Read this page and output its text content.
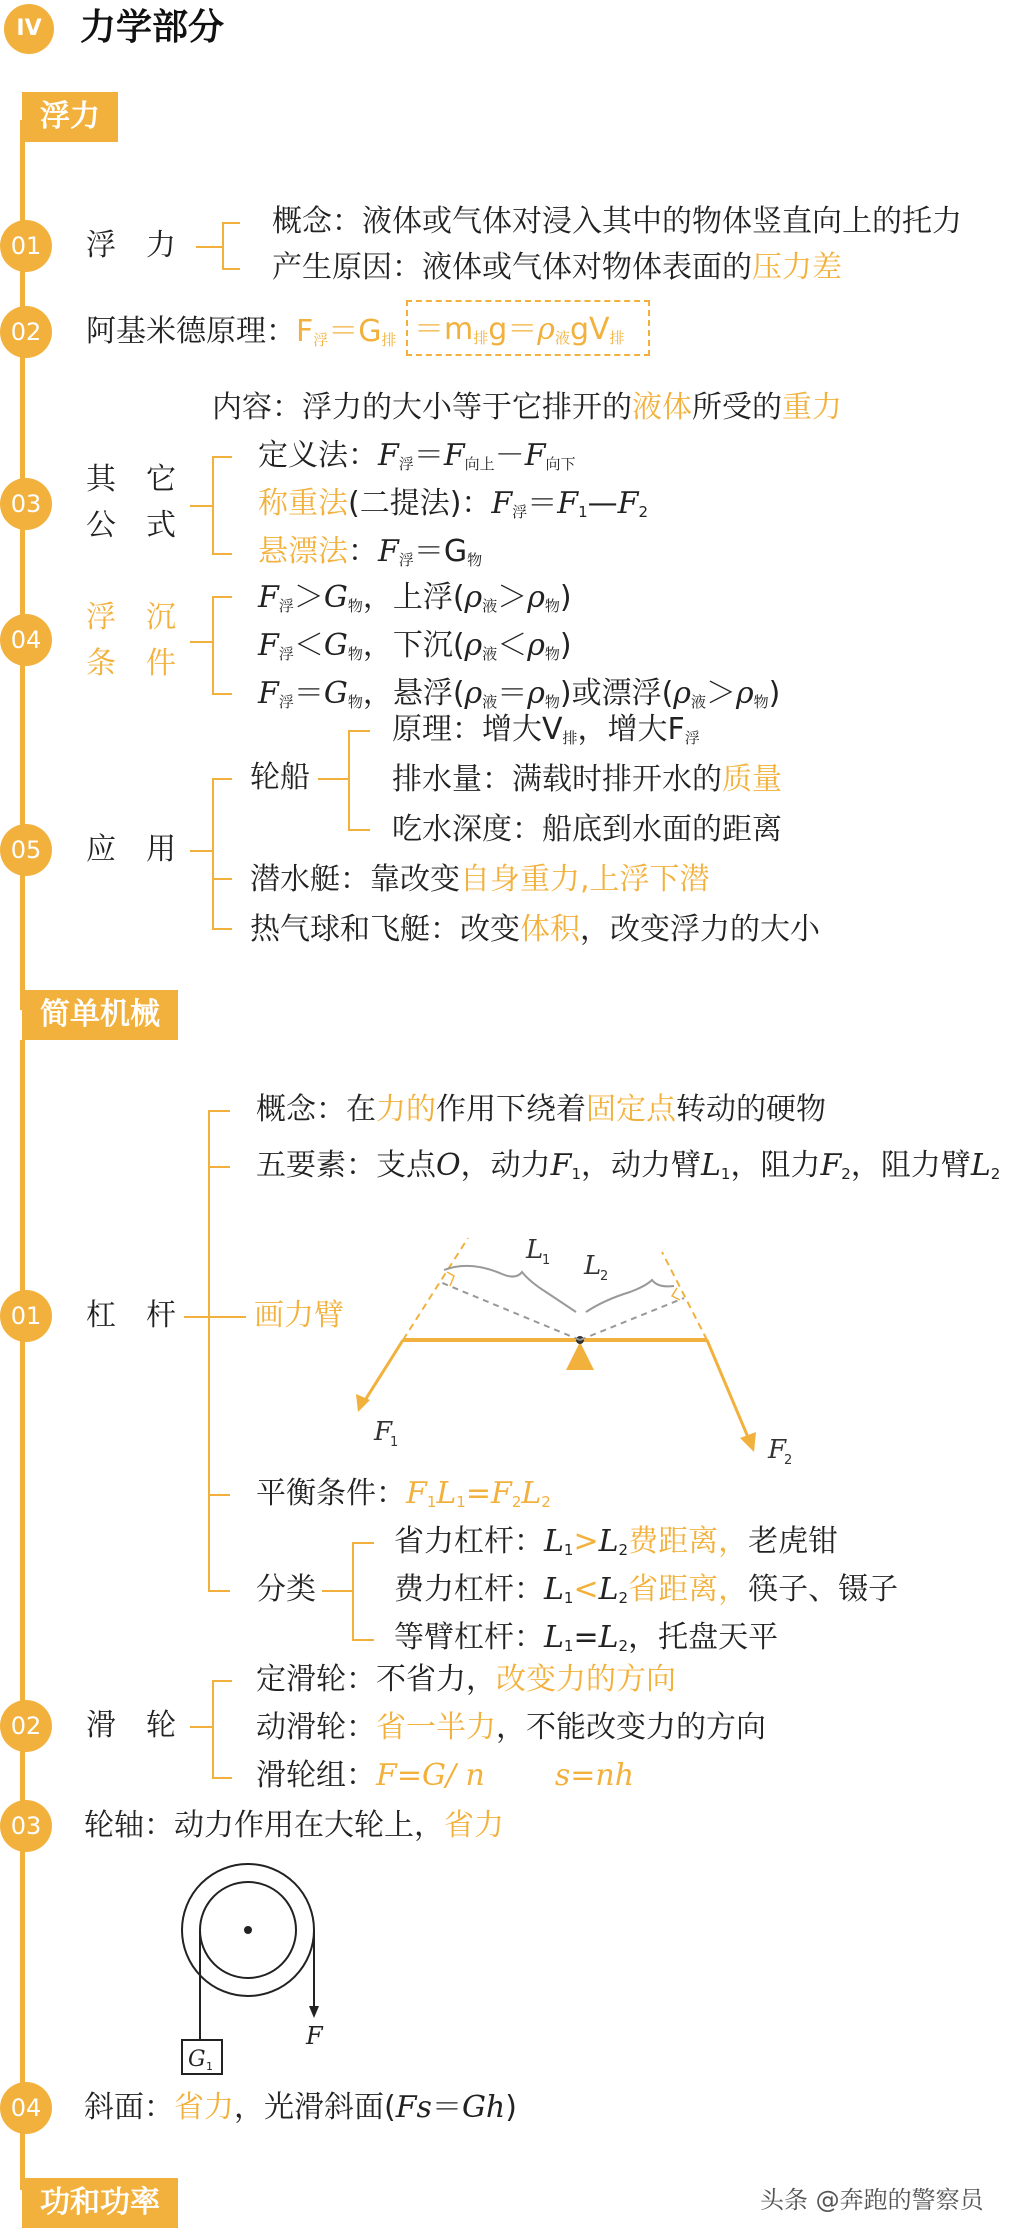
IV	力学部分
浮力
01	浮　力
概念：液体或气体对浸入其中的物体竖直向上的托力
产生原因：液体或气体对物体表面的压力差
02	阿基米德原理：$F_浮=G_排 =m_排g=\rho_液gV_排$
内容：浮力的大小等于它排开的液体所受的重力
03
其　它
公　式
定义法：$F_浮=F_{向上}-F_{向下}$
称重法(二提法)：$F_浮=F_1—F_2$
悬漂法：$F_浮=G_物$
04
浮　沉
条　件
$F_浮>G_物$，上浮$(\rho_液>\rho_物)$
$F_浮<G_物$，下沉$(\rho_液<\rho_物)$
$F_浮=G_物$，悬浮$(\rho_液=\rho_物)$或漂浮$(\rho_液>\rho_物)$
05	应　用
轮船
原理：增大$V_排$，增大$F_浮$
排水量：满载时排开水的质量
吃水深度：船底到水面的距离
潜水艇：靠改变自身重力,上浮下潜
热气球和飞艇：改变体积，改变浮力的大小
简单机械
01	杠　杆
概念：在力的作用下绕着固定点转动的硬物
五要素：支点O，动力$F_1$，动力臂$L_1$，阻力$F_2$，阻力臂$L_2$
画力臂
L
1 L
2
F
1	F
2
平衡条件：$F_1L_1=F_2L_2$
分类
省力杠杆：$L_1>L_2$费距离，老虎钳
费力杠杆：$L_1<L_2$省距离，筷子、镊子
等臂杠杆：$L_1=L_2$，托盘天平
02	滑　轮
定滑轮：不省力，改变力的方向
动滑轮：省一半力，不能改变力的方向
滑轮组：F=G/ n s=nh
03	轮轴：动力作用在大轮上，省力
G 1
F
04	斜面：省力，光滑斜面(Fs＝Gh)
功和功率	头条 @奔跑的警察员
